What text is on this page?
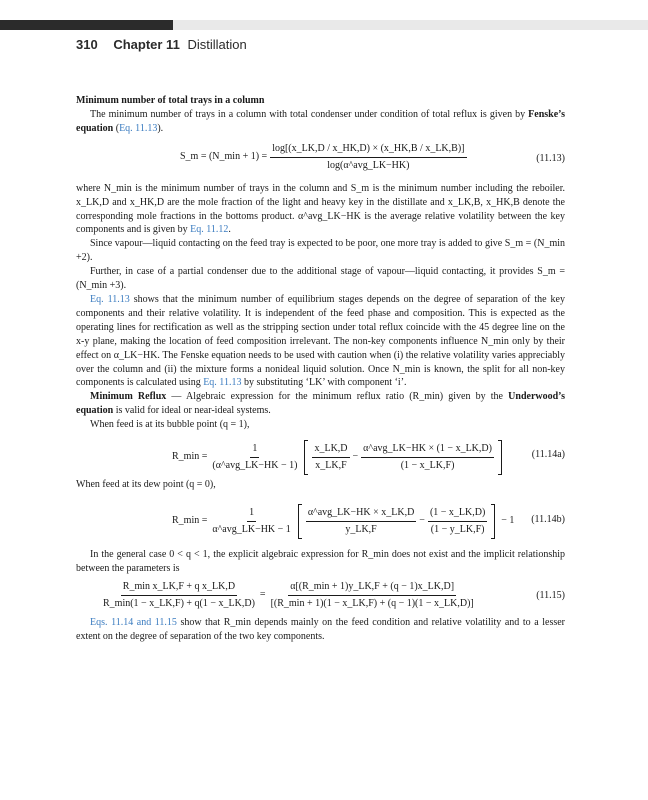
310 Chapter 11 Distillation

Minimum number of total trays in a column

The minimum number of trays in a column with total condenser under condition of total reflux is given by Fenske’s equation (Eq. 11.13).

S_m = (N_min + $1) = \frac{\log[(x\_LK,D / x\_HK,D) \times (x\_HK,B / x\_LK,B)]}{\text{log(α\textasciicircum{}avg\_LK−HK)}}$	(11.13)

where N_min is the minimum number of trays in the column and S_m is the minimum number including the reboiler. x_LK,D and x_HK,D are the mole fraction of the light and heavy key in the distillate and x_LK,B, x_HK,B denote the corresponding mole fractions in the bottoms product. α^avg_LK−HK is the average relative volatility between the key components and is given by Eq. 11.12.

Since vapour—liquid contacting on the feed tray is expected to be poor, one more tray is added to give S_m = (N_min +2).

Further, in case of a partial condenser due to the additional stage of vapour—liquid contacting, it provides S_m = (N_min +3).

Eq. 11.13 shows that the minimum number of equilibrium stages depends on the degree of separation of the key components and their relative volatility. It is independent of the feed phase and composition. This is expected as the operating lines for rectification as well as the stripping section under total reflux coincide with the 45 degree line on the x-y plane, making the location of feed composition irrelevant. The non-key components influence N_min only by their effect on α_LK−HK. The Fenske equation needs to be used with caution when (i) the relative volatility varies appreciably over the column and (ii) the mixture forms a nonideal liquid solution. Once N_min is known, the split for all non-key components is calculated using Eq. 11.13 by substituting ‘LK’ with component ‘i’.

Minimum Reflux — Algebraic expression for the minimum reflux ratio (R_min) given by the Underwood’s equation is valid for ideal or near-ideal systems.

When feed is at its bubble point (q = 1),

R_min = $\frac{1}{\text{(α\textasciicircum{}avg\_LK−HK − 1)}} \frac{x\_LK,D}{x\_LK,F} - \frac{\text{α\textasciicircum{}avg\_LK−HK × (1 − x\_LK,D)}}{(1 - x\_LK,F)}$	(11.14a)

When feed at its dew point (q = 0),

R_min = $\frac{1}{\text{α\textasciicircum{}avg\_LK−HK − 1}} \frac{\text{α\textasciicircum{}avg\_LK−HK × x\_LK,D}}{y\_LK,F} - \frac{(1 - x\_LK,D)}{(1 - y\_LK,F)} - 1$ (11.14b)

In the general case 0 < q < 1, the explicit algebraic expression for R_min does not exist and the implicit relationship between the parameters is

$\frac{\text{R\_min x\_LK,F + q x\_LK,D}}{R\_\min(1 - x\_LK,F) + q(1 - x\_LK,D)} = \frac{\alpha[(R\_\min + 1)y\_LK,F + (q - 1)x\_LK,D]}{[(R\_\min + 1)(1 - x\_LK,F) + (q - 1)(1 - x\_LK,D)]}$	(11.15)

Eqs. 11.14 and 11.15 show that R_min depends mainly on the feed condition and relative volatility and to a lesser extent on the degree of separation of the two key components.
